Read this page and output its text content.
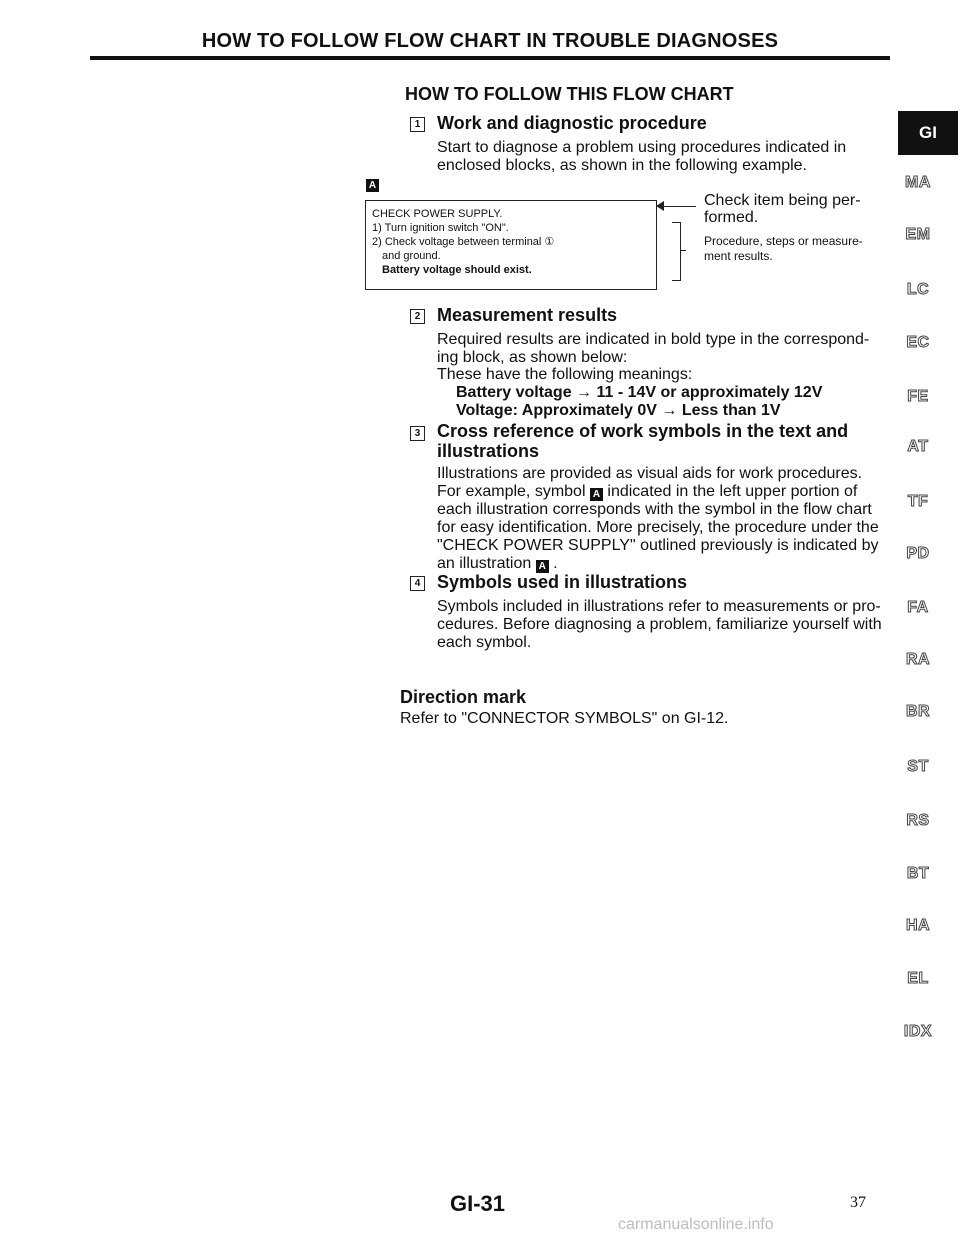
HOW TO FOLLOW FLOW CHART IN TROUBLE DIAGNOSES
HOW TO FOLLOW THIS FLOW CHART
1 Work and diagnostic procedure
Start to diagnose a problem using procedures indicated in
enclosed blocks, as shown in the following example.
A
CHECK POWER SUPPLY.
1) Turn ignition switch "ON".
2) Check voltage between terminal ①
and ground.
Battery voltage should exist.
Check item being per-
formed.
Procedure, steps or measure-
ment results.
2 Measurement results
Required results are indicated in bold type in the correspond-
ing block, as shown below:
These have the following meanings:
Battery voltage → 11 - 14V or approximately 12V
Voltage: Approximately 0V → Less than 1V
3 Cross reference of work symbols in the text and
illustrations
Illustrations are provided as visual aids for work procedures.
For example, symbol A indicated in the left upper portion of
each illustration corresponds with the symbol in the flow chart
for easy identification. More precisely, the procedure under the
"CHECK POWER SUPPLY" outlined previously is indicated by
an illustration A .
4 Symbols used in illustrations
Symbols included in illustrations refer to measurements or pro-
cedures. Before diagnosing a problem, familiarize yourself with
each symbol.
Direction mark
Refer to "CONNECTOR SYMBOLS" on GI-12.
GI
MA
EM
LC
EC
FE
AT
TF
PD
FA
RA
BR
ST
RS
BT
HA
EL
IDX
GI-31	37
carmanualsonline.info
